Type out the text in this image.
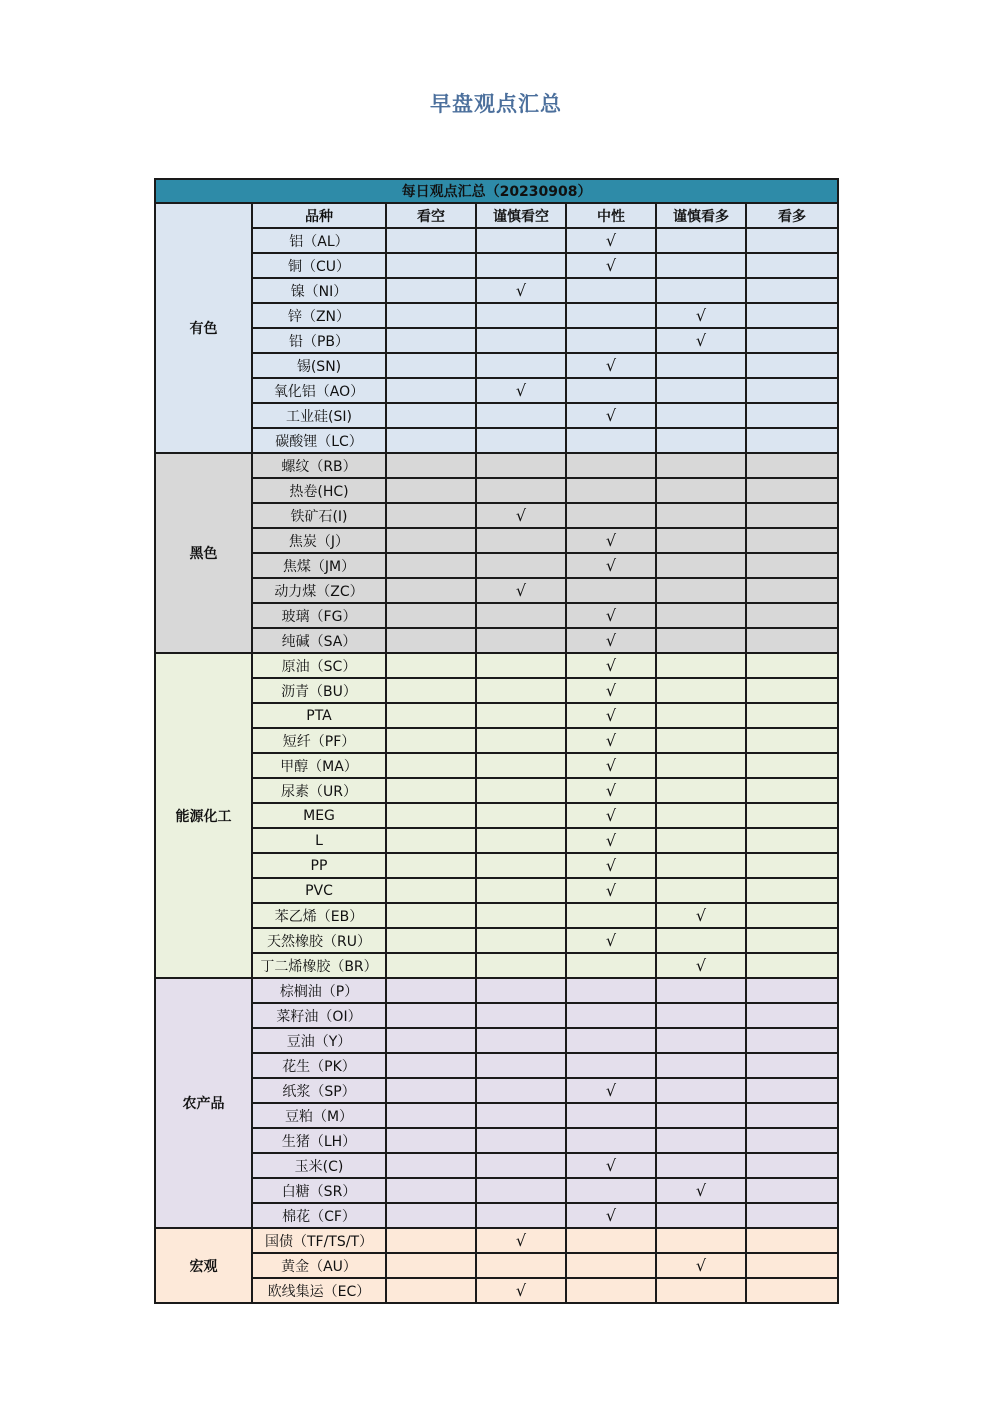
早盘观点汇总
每日观点汇总（20230908）						
有色	品种	看空	谨慎看空	中性	谨慎看多	看多
	铝（AL）			√		
	铜（CU）			√		
	镍（NI）		√			
	锌（ZN）				√	
	铅（PB）				√	
	锡(SN)			√		
	氧化铝（AO）		√			
	工业硅(SI)			√		
	碳酸锂（LC）					
黑色	螺纹（RB）					
	热卷(HC)					
	铁矿石(I)		√			
	焦炭（J）			√		
	焦煤（JM）			√		
	动力煤（ZC）		√			
	玻璃（FG）			√		
	纯碱（SA）			√		
能源化工	原油（SC）			√		
	沥青（BU）			√		
	PTA			√		
	短纤（PF）			√		
	甲醇（MA）			√		
	尿素（UR）			√		
	MEG			√		
	L			√		
	PP			√		
	PVC			√		
	苯乙烯（EB）				√	
	天然橡胶（RU）			√		
	丁二烯橡胶（BR）				√	
农产品	棕榈油（P）					
	菜籽油（OI）					
	豆油（Y）					
	花生（PK）					
	纸浆（SP）			√		
	豆粕（M）					
	生猪（LH）					
	玉米(C)			√		
	白糖（SR）				√	
	棉花（CF）			√		
宏观	国债（TF/TS/T）		√			
	黄金（AU）				√	
	欧线集运（EC）		√			
